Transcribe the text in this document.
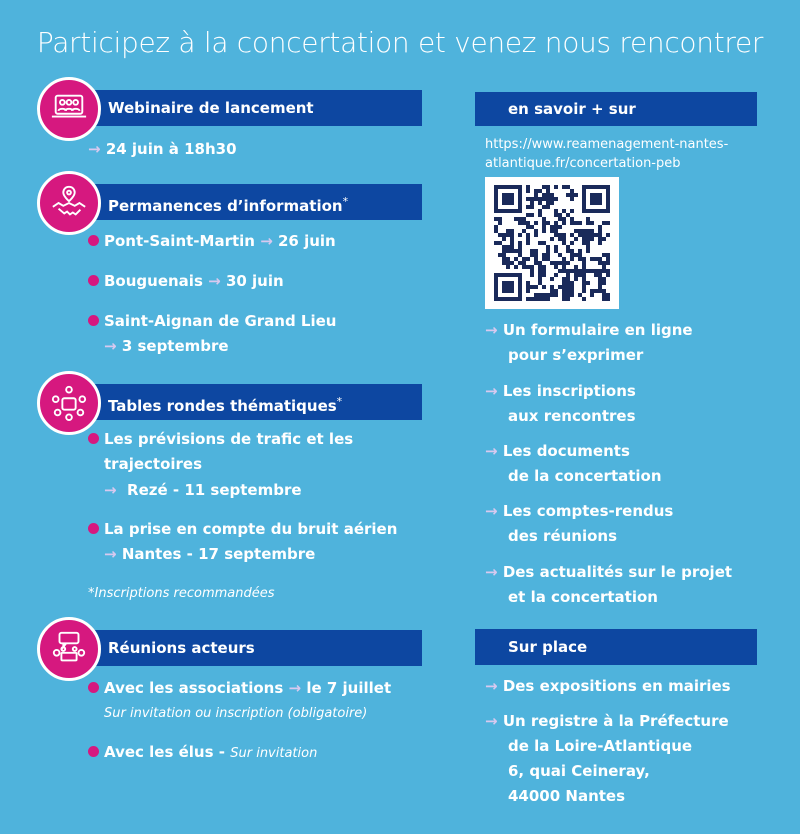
Participez à la concertation et venez nous rencontrer
Webinaire de lancement
→ 24 juin à 18h30
Permanences d’information*
Pont-Saint-Martin → 26 juin
Bouguenais → 30 juin
Saint-Aignan de Grand Lieu
→ 3 septembre
Tables rondes thématiques*
Les prévisions de trafic et les
trajectoires
→ Rezé - 11 septembre
La prise en compte du bruit aérien
→ Nantes - 17 septembre
*Inscriptions recommandées
Réunions acteurs
Avec les associations → le 7 juillet
Sur invitation ou inscription (obligatoire)
Avec les élus - Sur invitation
en savoir + sur
https://www.reamenagement-nantes-
atlantique.fr/concertation-peb
→ Un formulaire en ligne
pour s’exprimer
→ Les inscriptions
aux rencontres
→ Les documents
de la concertation
→ Les comptes-rendus
des réunions
→ Des actualités sur le projet
et la concertation
Sur place
→ Des expositions en mairies
→ Un registre à la Préfecture
de la Loire-Atlantique
6, quai Ceineray,
44000 Nantes
